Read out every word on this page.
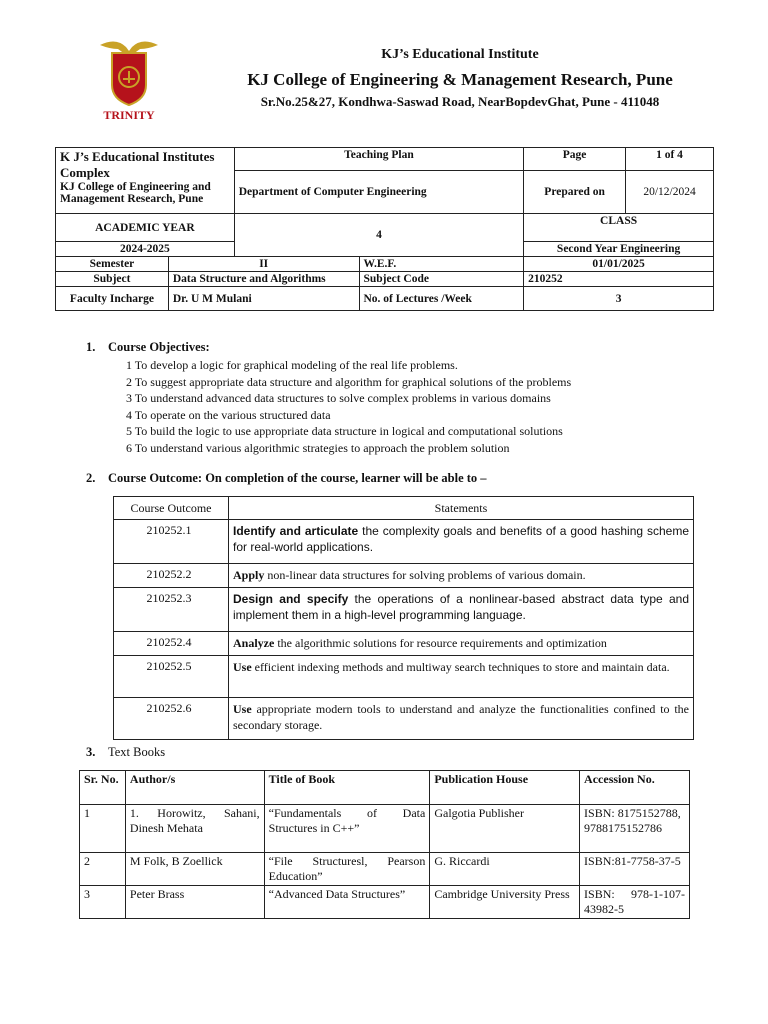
TRINITY
KJ’s Educational Institute
KJ College of Engineering & Management Research, Pune
Sr.No.25&27, Kondhwa-Saswad Road, NearBopdevGhat, Pune - 411048
K J’s Educational Institutes Complex
KJ College of Engineering and Management Research, Pune		Teaching Plan		Page	1 of 4
		Department of Computer Engineering		Prepared on	20/12/2024
ACADEMIC YEAR		4		CLASS	
2024-2025				Second Year Engineering	
Semester	II		W.E.F.	01/01/2025	
Subject	Data Structure and Algorithms		Subject Code	210252	
Faculty Incharge	Dr. U M Mulani		No. of Lectures /Week	3	
1. Course Objectives:
1 To develop a logic for graphical modeling of the real life problems.
2 To suggest appropriate data structure and algorithm for graphical solutions of the problems
3 To understand advanced data structures to solve complex problems in various domains
4 To operate on the various structured data
5 To build the logic to use appropriate data structure in logical and computational solutions
6 To understand various algorithmic strategies to approach the problem solution
2. Course Outcome: On completion of the course, learner will be able to –
Course Outcome	Statements
210252.1	Identify and articulate the complexity goals and benefits of a good hashing scheme for real-world applications.
210252.2	Apply non-linear data structures for solving problems of various domain.
210252.3	Design and specify the operations of a nonlinear-based abstract data type and implement them in a high-level programming language.
210252.4	Analyze the algorithmic solutions for resource requirements and optimization
210252.5	Use efficient indexing methods and multiway search techniques to store and maintain data.
210252.6	Use appropriate modern tools to understand and analyze the functionalities confined to the secondary storage.
3. Text Books
Sr. No.	Author/s	Title of Book	Publication House	Accession No.
1	1. Horowitz, Sahani, Dinesh Mehata	“Fundamentals of Data Structures in C++”	Galgotia Publisher	ISBN: 8175152788, 9788175152786
2	M Folk, B Zoellick	“File Structuresl, Pearson Education”	G. Riccardi	ISBN:81-7758-37-5
3	Peter Brass	“Advanced Data Structures”	Cambridge University Press	ISBN: 978-1-107-43982-5
